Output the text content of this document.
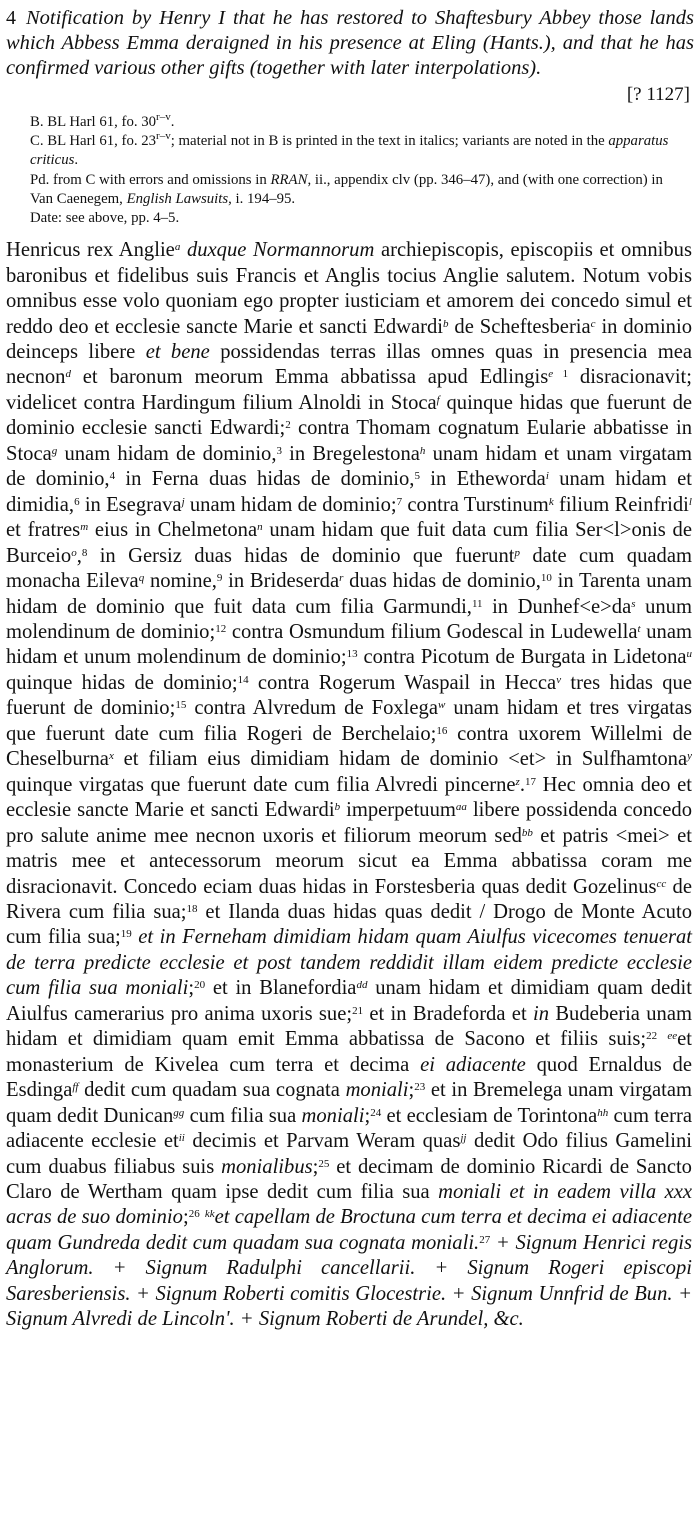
4 Notification by Henry I that he has restored to Shaftesbury Abbey those lands which Abbess Emma deraigned in his presence at Eling (Hants.), and that he has confirmed various other gifts (together with later interpolations).

[? 1127]

B. BL Harl 61, fo. 30$^{r-v}$.

C. BL Harl 61, fo. 23$^{r-v}$; material not in B is printed in the text in italics; variants are noted in the apparatus criticus.

Pd. from C with errors and omissions in RRAN, ii., appendix clv (pp. 346–47), and (with one correction) in Van Caenegem, English Lawsuits, i. 194–95.

Date: see above, pp. 4–5.

Henricus rex Anglie$^a$ duxque Normannorum archiepiscopis, episcopiis et omnibus baronibus et fidelibus suis Francis et Anglis tocius Anglie salutem. Notum vobis omnibus esse volo quoniam ego propter iusticiam et amorem dei concedo simul et reddo deo et ecclesie sancte Marie et sancti Edwardi$^b$ de Scheftesberia$^c$ in dominio deinceps libere et bene possidendas terras illas omnes quas in presencia mea necnon$^d$ et baronum meorum Emma abbatissa apud Edlingis$^e$ $^1$ disracionavit; videlicet contra Hardingum filium Alnoldi in Stoca$^f$ quinque hidas que fuerunt de dominio ecclesie sancti Edwardi;$^2$ contra Thomam cognatum Eularie abbatisse in Stoca$^g$ unam hidam de dominio,$^3$ in Bregelestona$^h$ unam hidam et unam virgatam de dominio,$^4$ in Ferna duas hidas de dominio,$^5$ in Etheworda$^i$ unam hidam et dimidia,$^6$ in Esegrava$^j$ unam hidam de dominio;$^7$ contra Turstinum$^k$ filium Reinfridi$^l$ et fratres$^m$ eius in Chelmetona$^n$ unam hidam que fuit data cum filia Ser<l>onis de Burceio$^o$,$^8$ in Gersiz duas hidas de dominio que fuerunt$^p$ date cum quadam monacha Eileva$^q$ nomine,$^9$ in Brideserda$^r$ duas hidas de dominio,$^{10}$ in Tarenta unam hidam de dominio que fuit data cum filia Garmundi,$^{11}$ in $Dunhef<e>da^s$ unum molendinum de dominio;$^{12}$ contra Osmundum filium Godescal in Ludewella$^t$ unam hidam et unum molendinum de dominio;$^{13}$ contra Picotum de Burgata in Lidetona$^u$ quinque hidas de dominio;$^{14}$ contra Rogerum Waspail in Hecca$^v$ tres hidas que fuerunt de dominio;$^{15}$ contra Alvredum de Foxlega$^w$ unam hidam et tres virgatas que fuerunt date cum filia Rogeri de Berchelaio;$^{16}$ contra uxorem Willelmi de Cheselburna$^x$ et filiam eius dimidiam hidam de dominio <et> in Sulfhamtona$^y$ quinque virgatas que fuerunt date cum filia Alvredi pincerne$^z$.$^{17}$ Hec omnia deo et ecclesie sancte Marie et sancti Edwardi$^b$ imperpetuum$^{aa}$ libere possidenda concedo pro salute anime mee necnon uxoris et filiorum meorum sed$^{bb}$ et patris <mei> et matris mee et antecessorum meorum sicut ea Emma abbatissa coram me disracionavit. Concedo eciam duas hidas in Forstesberia quas dedit Gozelinus$^{cc}$ de Rivera cum filia sua;$^{18}$ et Ilanda duas hidas quas dedit / Drogo de Monte Acuto cum filia sua;$^{19}$ et in Ferneham dimidiam hidam quam Aiulfus vicecomes tenuerat de terra predicte ecclesie et post tandem reddidit illam eidem predicte ecclesie cum filia sua moniali;$^{20}$ et in Blanefordia$^{dd}$ unam hidam et dimidiam quam dedit Aiulfus camerarius pro anima uxoris sue;$^{21}$ et in Bradeforda et in Budeberia unam hidam et dimidiam quam emit Emma abbatissa de Sacono et filiis suis;$^{22}$ $^{ee}$et monasterium de Kivelea cum terra et decima ei adiacente quod Ernaldus de Esdinga$^{ff}$ dedit cum quadam sua cognata moniali;$^{23}$ et in Bremelega unam virgatam quam dedit Dunican$^{gg}$ cum filia sua moniali;$^{24}$ et ecclesiam de Torintona$^{hh}$ cum terra adiacente ecclesie $et^{ii}$ decimis et Parvam Weram quas$^{jj}$ dedit Odo filius Gamelini cum duabus filiabus suis monialibus;$^{25}$ et decimam de dominio Ricardi de Sancto Claro de Wertham quam ipse dedit cum filia sua moniali et in eadem villa xxx acras de suo dominio;$^{26}$ $^{kk}$et capellam de Broctuna cum terra et decima ei adiacente quam Gundreda dedit cum quadam sua cognata moniali.$^{27}$ + Signum Henrici regis Anglorum. + Signum Radulphi cancellarii. + Signum Rogeri episcopi Saresberiensis. + Signum Roberti comitis Glocestrie. + Signum Unnfrid de Bun. + Signum Alvredi de Lincoln'. + Signum Roberti de Arundel, &c.
